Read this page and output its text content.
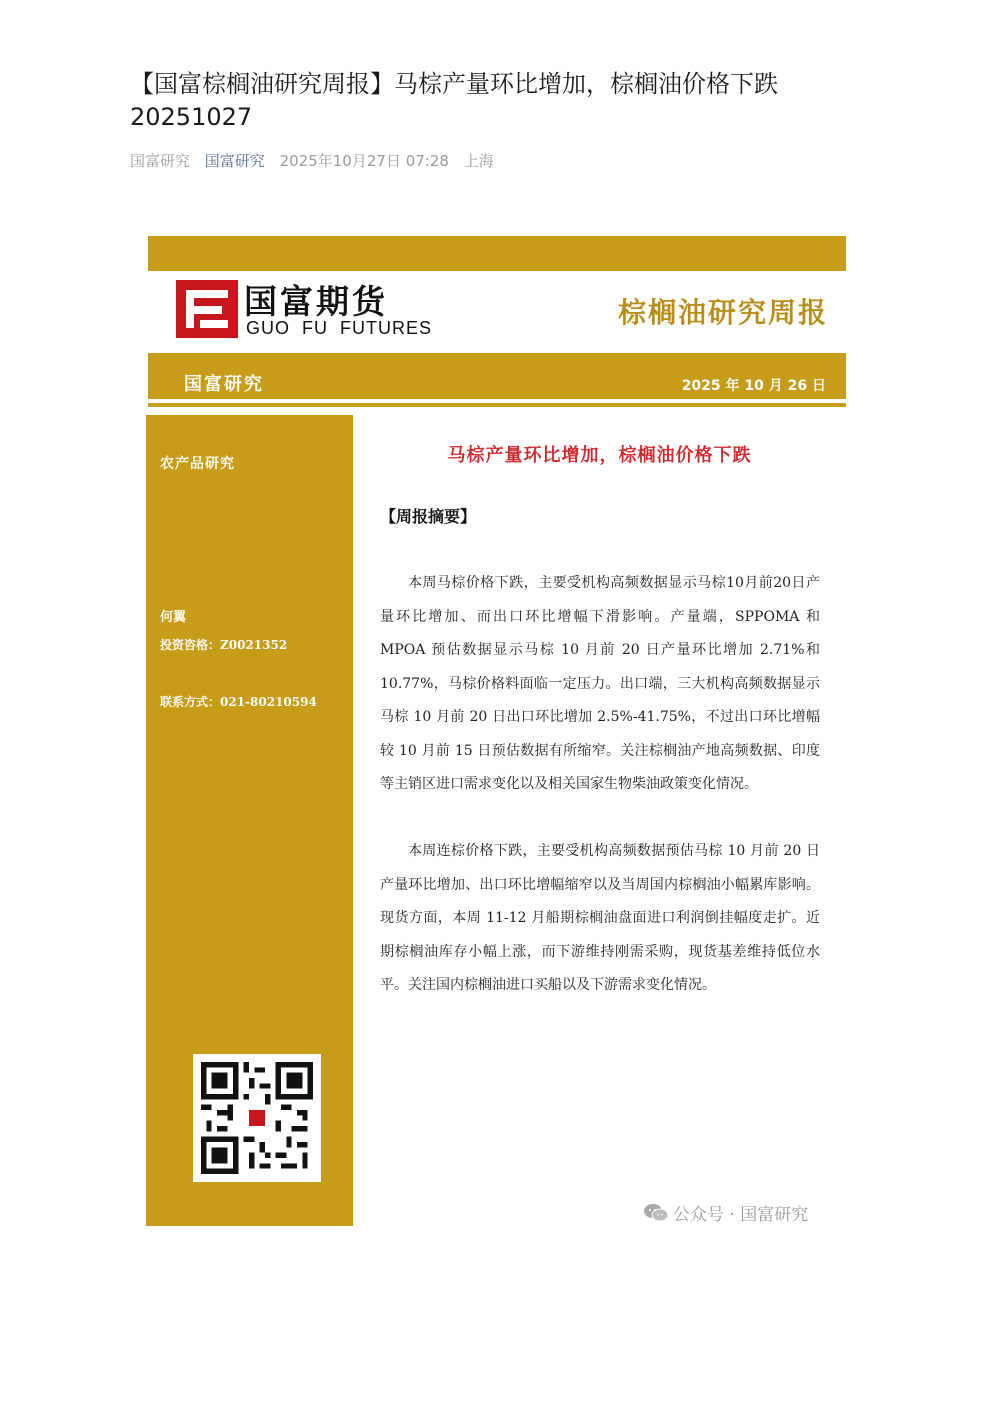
【国富棕榈油研究周报】马棕产量环比增加，棕榈油价格下跌 20251027
国富研究 国富研究 2025年10月27日 07:28 上海
国富期货
GUO FU FUTURES	棕榈油研究周报
国富研究	2025 年 10 月 26 日
农产品研究
何翼
投资咨格：Z0021352
联系方式：021-80210594
马棕产量环比增加，棕榈油价格下跌
【周报摘要】

本周马棕价格下跌，主要受机构高频数据显示马棕10月前20日产量环比增加、而出口环比增幅下滑影响。产量端，SPPOMA 和 MPOA 预估数据显示马棕 10 月前 20 日产量环比增加 2.71%和 10.77%，马棕价格料面临一定压力。出口端，三大机构高频数据显示马棕 10 月前 20 日出口环比增加 2.5%-41.75%，不过出口环比增幅较 10 月前 15 日预估数据有所缩窄。关注棕榈油产地高频数据、印度等主销区进口需求变化以及相关国家生物柴油政策变化情况。

本周连棕价格下跌，主要受机构高频数据预估马棕 10 月前 20 日产量环比增加、出口环比增幅缩窄以及当周国内棕榈油小幅累库影响。现货方面，本周 11-12 月船期棕榈油盘面进口利润倒挂幅度走扩。近期棕榈油库存小幅上涨，而下游维持刚需采购，现货基差维持低位水平。关注国内棕榈油进口买船以及下游需求变化情况。

公众号 · 国富研究
